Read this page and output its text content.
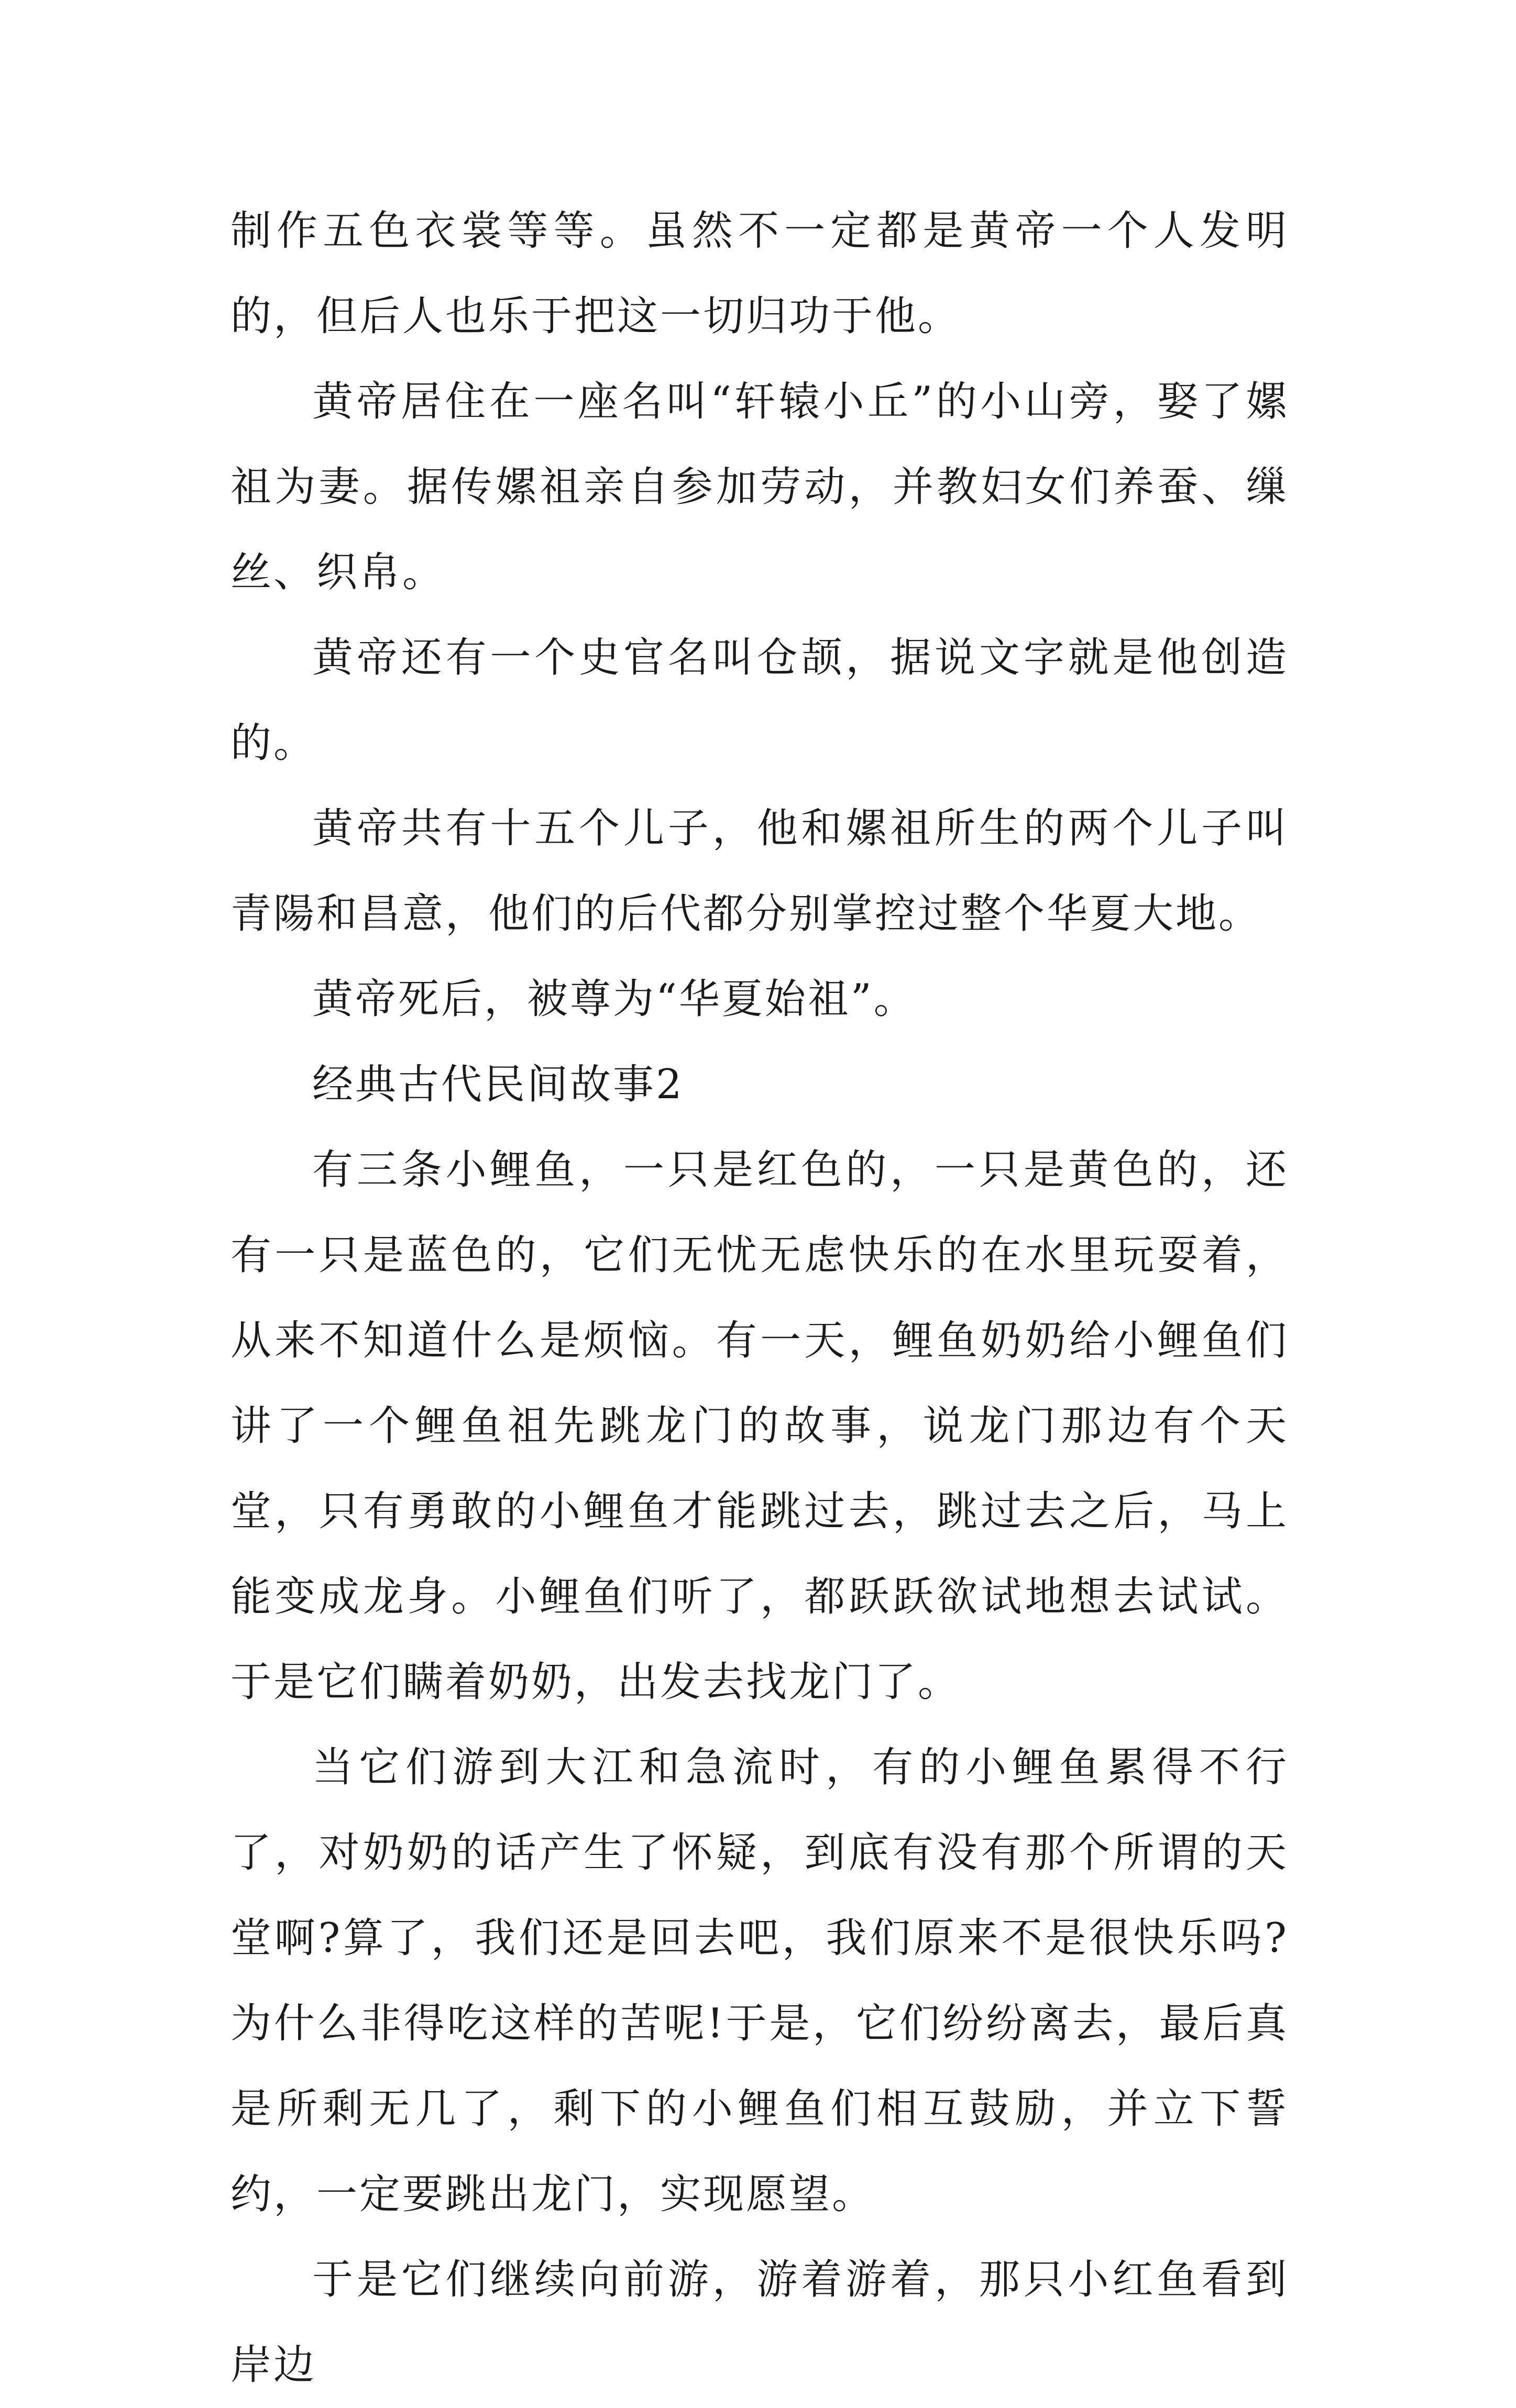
制作五色衣裳等等。虽然不一定都是黄帝一个人发明的，但后人也乐于把这一切归功于他。

黄帝居住在一座名叫“轩辕小丘”的小山旁，娶了嫘祖为妻。据传嫘祖亲自参加劳动，并教妇女们养蚕、缫丝、织帛。

黄帝还有一个史官名叫仓颉，据说文字就是他创造的。

黄帝共有十五个儿子，他和嫘祖所生的两个儿子叫青陽和昌意，他们的后代都分别掌控过整个华夏大地。

黄帝死后，被尊为“华夏始祖”。

经典古代民间故事2

有三条小鲤鱼，一只是红色的，一只是黄色的，还有一只是蓝色的，它们无忧无虑快乐的在水里玩耍着，从来不知道什么是烦恼。有一天，鲤鱼奶奶给小鲤鱼们讲了一个鲤鱼祖先跳龙门的故事，说龙门那边有个天堂，只有勇敢的小鲤鱼才能跳过去，跳过去之后，马上能变成龙身。小鲤鱼们听了，都跃跃欲试地想去试试。于是它们瞒着奶奶，出发去找龙门了。

当它们游到大江和急流时，有的小鲤鱼累得不行了，对奶奶的话产生了怀疑，到底有没有那个所谓的天堂啊?算了，我们还是回去吧，我们原来不是很快乐吗?为什么非得吃这样的苦呢!于是，它们纷纷离去，最后真是所剩无几了，剩下的小鲤鱼们相互鼓励，并立下誓约，一定要跳出龙门，实现愿望。

于是它们继续向前游，游着游着，那只小红鱼看到岸边
